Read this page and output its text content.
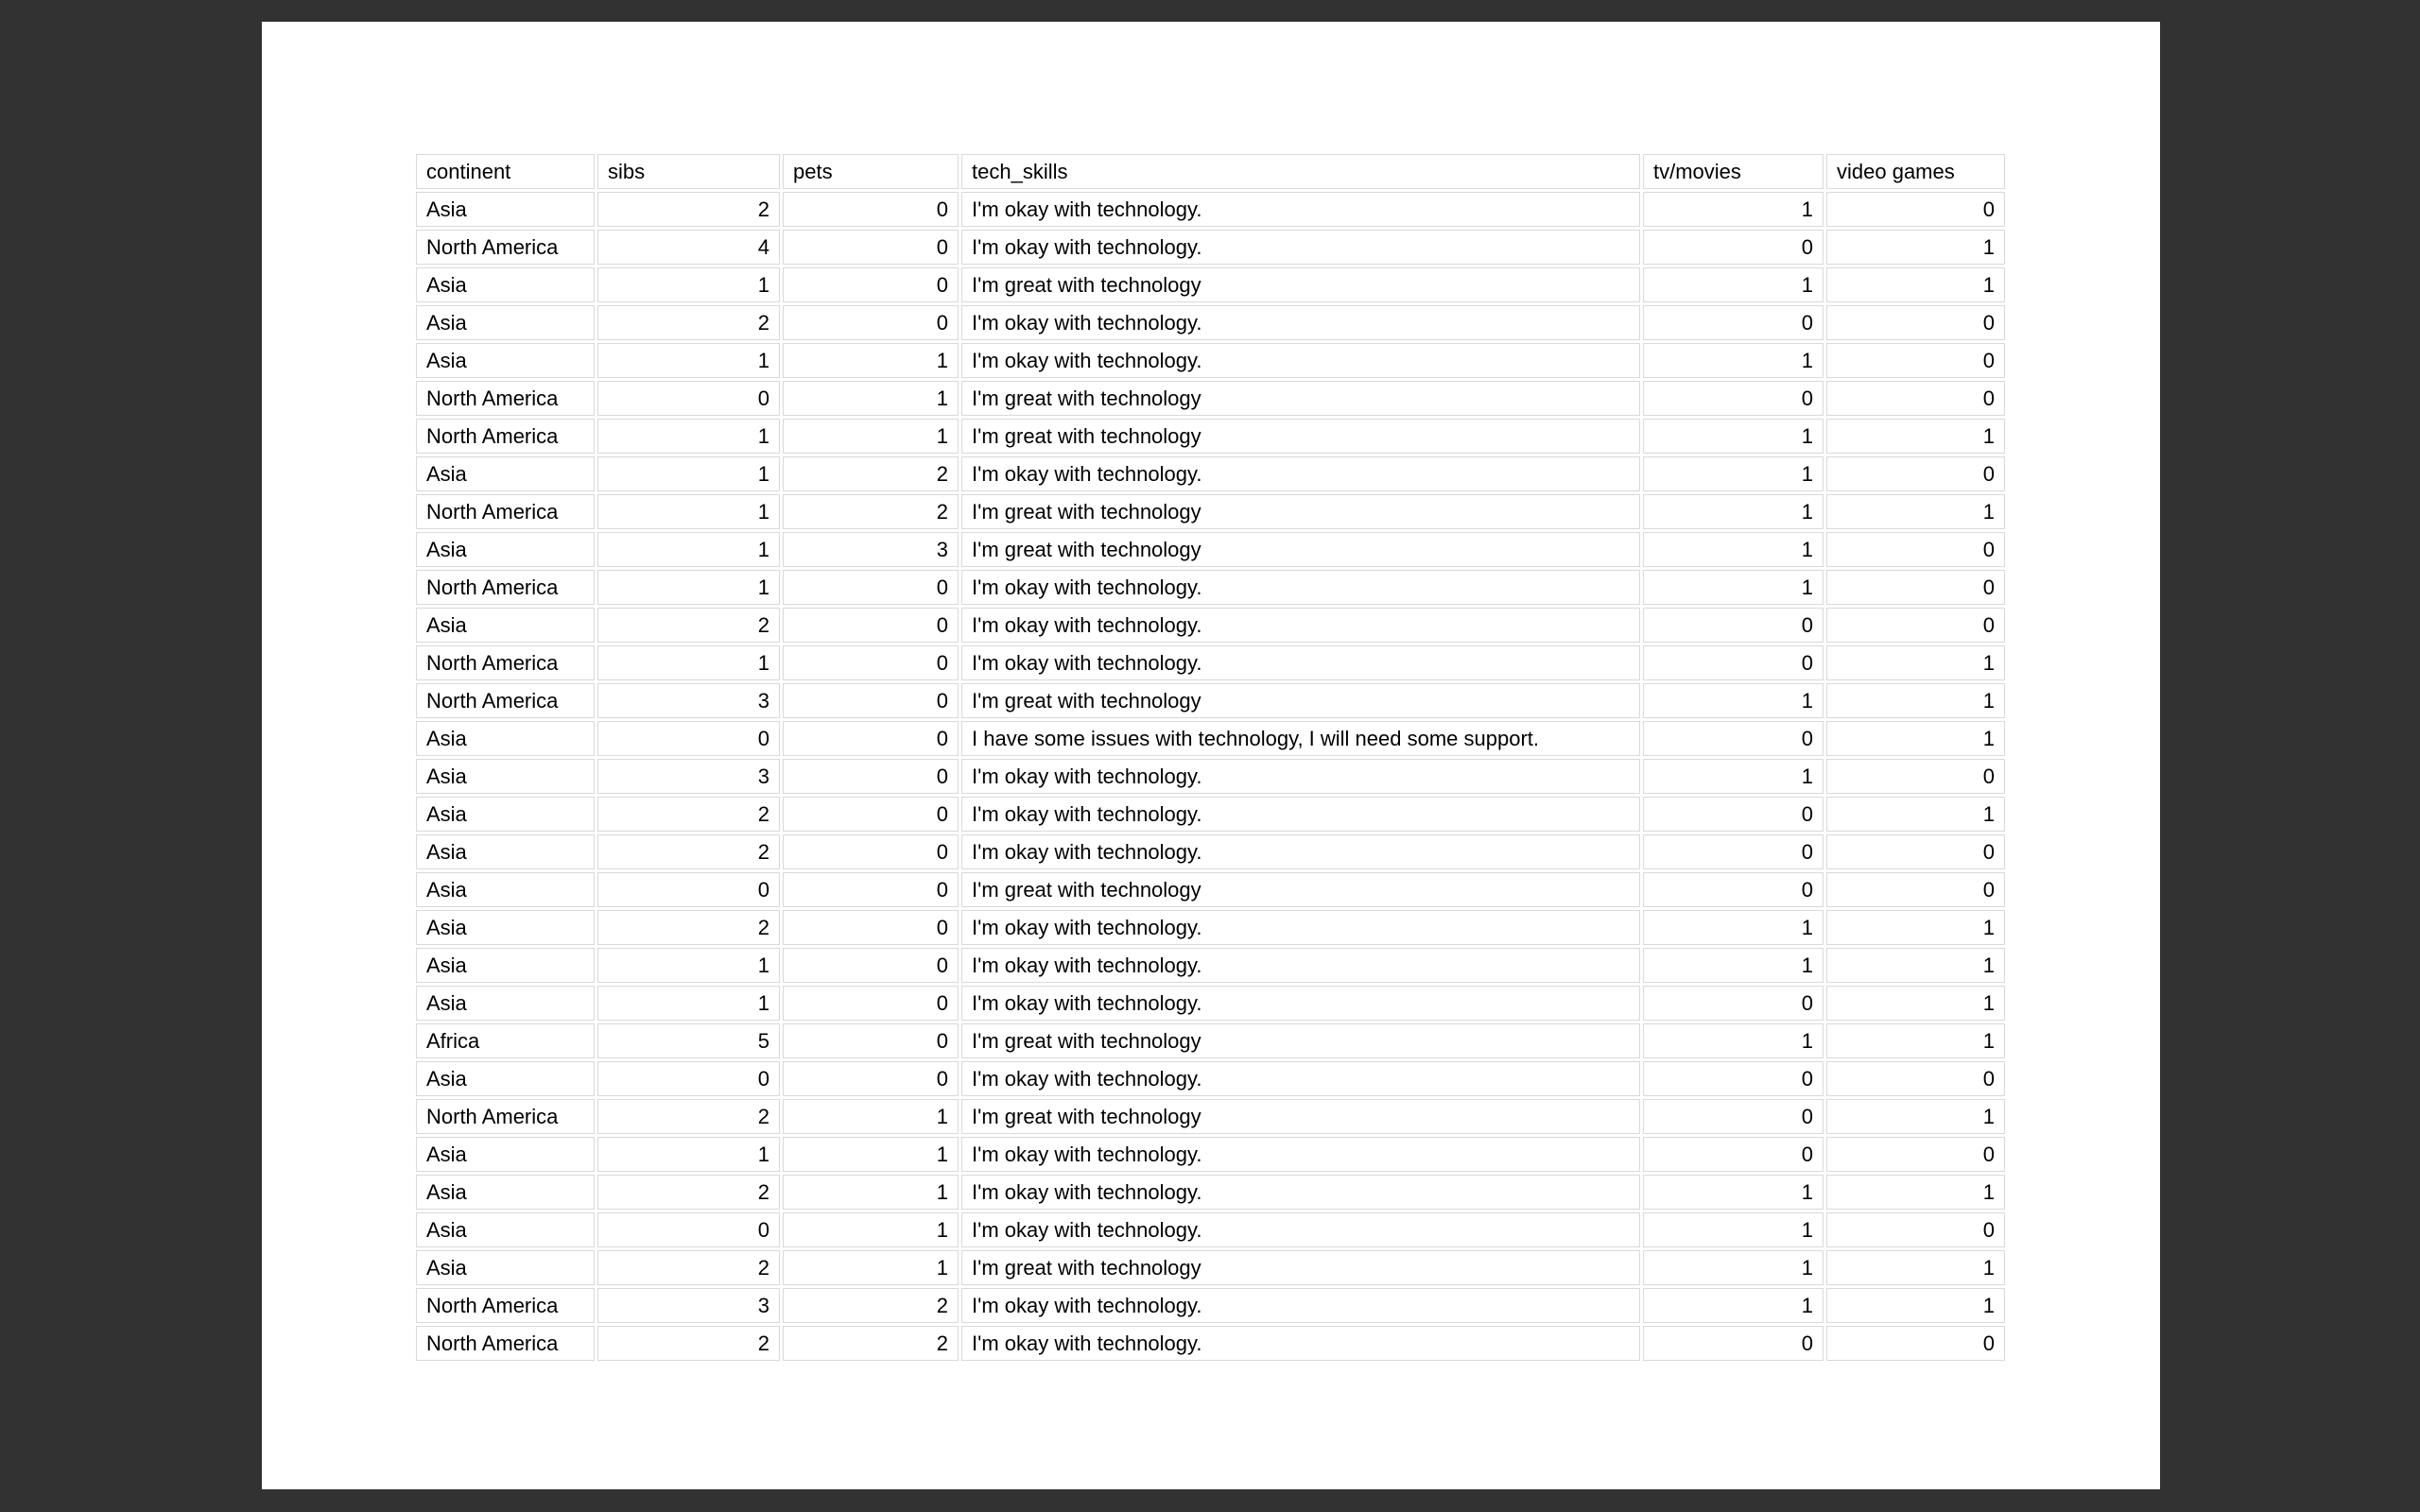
continent	sibs	pets	tech_skills	tv/movies	video games
Asia	2	0	I'm okay with technology.	1	0
North America	4	0	I'm okay with technology.	0	1
Asia	1	0	I'm great with technology	1	1
Asia	2	0	I'm okay with technology.	0	0
Asia	1	1	I'm okay with technology.	1	0
North America	0	1	I'm great with technology	0	0
North America	1	1	I'm great with technology	1	1
Asia	1	2	I'm okay with technology.	1	0
North America	1	2	I'm great with technology	1	1
Asia	1	3	I'm great with technology	1	0
North America	1	0	I'm okay with technology.	1	0
Asia	2	0	I'm okay with technology.	0	0
North America	1	0	I'm okay with technology.	0	1
North America	3	0	I'm great with technology	1	1
Asia	0	0	I have some issues with technology, I will need some support.	0	1
Asia	3	0	I'm okay with technology.	1	0
Asia	2	0	I'm okay with technology.	0	1
Asia	2	0	I'm okay with technology.	0	0
Asia	0	0	I'm great with technology	0	0
Asia	2	0	I'm okay with technology.	1	1
Asia	1	0	I'm okay with technology.	1	1
Asia	1	0	I'm okay with technology.	0	1
Africa	5	0	I'm great with technology	1	1
Asia	0	0	I'm okay with technology.	0	0
North America	2	1	I'm great with technology	0	1
Asia	1	1	I'm okay with technology.	0	0
Asia	2	1	I'm okay with technology.	1	1
Asia	0	1	I'm okay with technology.	1	0
Asia	2	1	I'm great with technology	1	1
North America	3	2	I'm okay with technology.	1	1
North America	2	2	I'm okay with technology.	0	0
